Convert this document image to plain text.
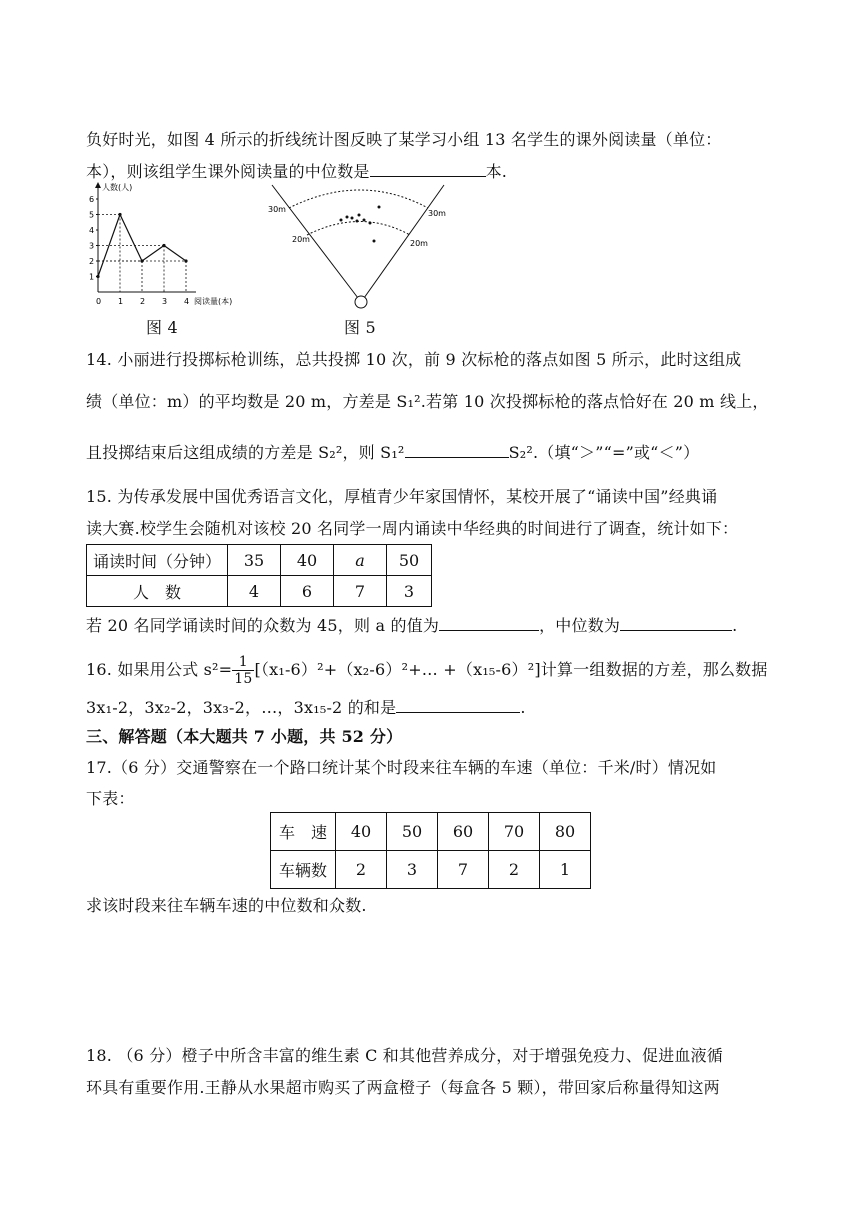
负好时光，如图 4 所示的折线统计图反映了某学习小组 13 名学生的课外阅读量（单位：
本），则该组学生课外阅读量的中位数是	本.
1
2
3
4
5
6
0 1 2 3 4
人数(人)
阅读量(本)
图 4
30m	30m
20m	20m
图 5
14. 小丽进行投掷标枪训练，总共投掷 10 次，前 9 次标枪的落点如图 5 所示，此时这组成
绩（单位：m）的平均数是 20 m，方差是 S₁².若第 10 次投掷标枪的落点恰好在 20 m 线上，
且投掷结束后这组成绩的方差是 S₂²，则 S₁²	S₂².（填“＞”“=”或“＜”）
15. 为传承发展中国优秀语言文化，厚植青少年家国情怀，某校开展了“诵读中国”经典诵
读大赛.校学生会随机对该校 20 名同学一周内诵读中华经典的时间进行了调查，统计如下：
诵读时间（分钟）	35	40	a	50
人　数	4	6	7	3
若 20 名同学诵读时间的众数为 45，则 a 的值为	，中位数为	.
16. 如果用公式 $s^2= \frac{1}{15}$ [（x₁-6）²+（x₂-6）²+… +（x₁₅-6）²]计算一组数据的方差，那么数据
3x₁-2，3x₂-2，3x₃-2，…，3x₁₅-2 的和是	.
三、解答题（本大题共 7 小题，共 52 分）
17.（6 分）交通警察在一个路口统计某个时段来往车辆的车速（单位：千米/时）情况如
下表：
车　速	40	50	60	70	80
车辆数	2	3	7	2	1
求该时段来往车辆车速的中位数和众数.
18. （6 分）橙子中所含丰富的维生素 C 和其他营养成分，对于增强免疫力、促进血液循
环具有重要作用.王静从水果超市购买了两盒橙子（每盒各 5 颗），带回家后称量得知这两
